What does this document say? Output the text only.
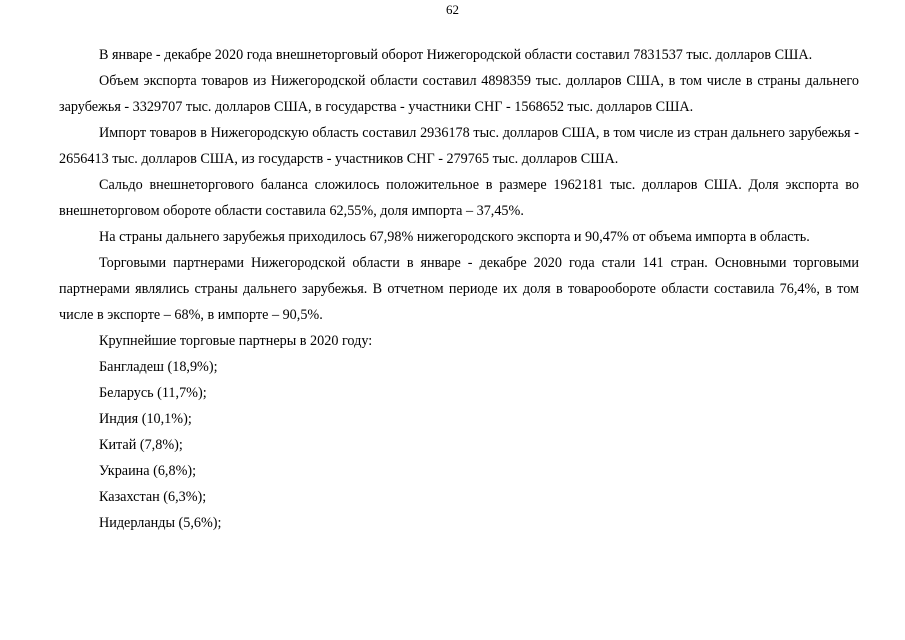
62

В январе - декабре 2020 года внешнеторговый оборот Нижегородской области составил 7831537 тыс. долларов США.

Объем экспорта товаров из Нижегородской области составил 4898359 тыс. долларов США, в том числе в страны дальнего зарубежья - 3329707 тыс. долларов США, в государства - участники СНГ - 1568652 тыс. долларов США.

Импорт товаров в Нижегородскую область составил 2936178 тыс. долларов США, в том числе из стран дальнего зарубежья - 2656413 тыс. долларов США, из государств - участников СНГ - 279765 тыс. долларов США.

Сальдо внешнеторгового баланса сложилось положительное в размере 1962181 тыс. долларов США. Доля экспорта во внешнеторговом обороте области составила 62,55%, доля импорта – 37,45%.

На страны дальнего зарубежья приходилось 67,98% нижегородского экспорта и 90,47% от объема импорта в область.

Торговыми партнерами Нижегородской области в январе - декабре 2020 года стали 141 стран. Основными торговыми партнерами являлись страны дальнего зарубежья. В отчетном периоде их доля в товарообороте области составила 76,4%, в том числе в экспорте – 68%, в импорте – 90,5%.

Крупнейшие торговые партнеры в 2020 году:

Бангладеш (18,9%);

Беларусь (11,7%);

Индия (10,1%);

Китай (7,8%);

Украина (6,8%);

Казахстан (6,3%);

Нидерланды (5,6%);
